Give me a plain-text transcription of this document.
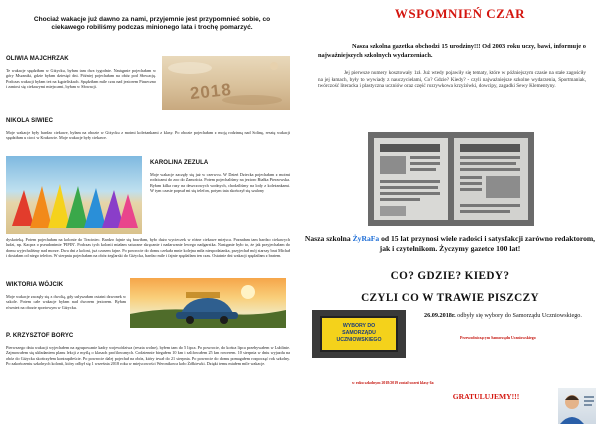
Chociaż wakacje już dawno za nami, przyjemnie jest przypomnieć sobie, co ciekawego robiliśmy podczas minionego lata i trochę pomarzyć.
OLIWIA MAJCHRZAK
Te wakacje spędziłam w Giżycku, byłam tam dwa tygodnie. Następnie pojechałam w góry Mszaniki, gdzie byłam dziesięć dni. Później pojechałam na obóz pod Słowację. Podczas wakacji byłam też na kąpieliskach. Spędziłam mile czas nad jeziorem Piaseczno i zaniosi się ciekawymi miejscami, byłam w Słowacji.	2018
NIKOLA SIWIEC
Moje wakacje były bardzo ciekawe, byłam na obozie w Giżycku z moimi koleżankami z klasy. Po obozie pojechałam z moją rodzinną nad Solinę, resztę wakacji spędziłam u cioci w Krakowie. Moje wakacje były ciekawe.
KAROLINA ZEZULA
Moje wakacje zaczęły się już w czerwcu. W Dzień Dziecka pojechałam z moimi rodzicami do zoo do Zamościa. Potem pojechaliśmy na jezioro Białka Pierzowska. Byłam kilka razy na deszczowych wodnych, chodziliśmy na lody z koleżankami. W tym czasie popsuł mi się telefon, potym tata skończył się szalony
dyskoteką. Potem pojechałam na kolonie do Trzciniec. Bardzo fajnie się bawiłam, było dużo wycieczek w różne ciekawe miejsca. Poznałam tam bardzo ciekawych ludzi, np. Kacpra o pseudonimie 'PIPIN'. Podczas tych kolonii miałam sztuczne skręcanie i nadarwanie lewego nadgarstka. Następnie było to, że jak przyjechałam do domu wyjechaliśmy nad morze. Dwa dni z koloni, już czasem fajne. Po powrocie do domu czekała mnie kolejna miła niespodzianka, przyjechał mój starszy brat Michał i dostałam od niego telefon. W sierpniu pojechałam na obóz żeglarski do Giżycka, bardzo mile i fajnie spędziłam ten czas. Ostatnie dni wakacji spędziłam z bratem.
WIKTORIA WÓJCIK
Moje wakacje zaczęły się z dwolią, gdy usłyszałam ostatni dzwonek w szkole. Potem całe wakacje byłam nad dworem jeziorem. Byłam również na obozie sportowym w Giżycku.
P. KRZYSZTOF BORYC
Pierwszego dnia wakacji wyjechałem na zgrupowanie kadry województwa (reszta wolne), byłem tam do 5 lipca. Po powrocie, do końca lipca przebywałem w Lublinie. Zajmowałem się układaniem planu lekcji z myślą o klasach profilowanych. Codziennie biegałem 10 km i szlifowałem 25 km rowerem. 10 sierpnia w dniu wyjazdu na obóz do Giżycka skończyłem kontrapiłeście. Po powrocie dalej pojechał na obóz, który trwał do 21 sierpnia. Po powrocie do domu pomagałem rozpocząć rok szkolny. Po zakończeniu szkolnych kolonii, który odbył się 1 września 2018 roku w miejscowości Weronikowa koło Żółkiewki. Dzięki temu miałem mile wakacje.
WSPOMNIEŃ CZAR
Nasza szkolna gazetka obchodzi 15 urodziny!!! Od 2003 roku uczy, bawi, informuje o najważniejszych szkolnych wydarzeniach.
Jej pierwsze numery kosztowały 1zł. Już wtedy pojawiły się tematy, które w późniejszym czasie na stałe zagościły na jej łamach, były to wywiady z nauczycielami, Co? Gdzie? Kiedy? - czyli najważniejsze szkolne wydarzenia, Sportmaniak, twórczość literacka i plastyczna uczniów oraz część rozrywkowa krzyżówki, dowcipy, zagadki Sewy Klementyny.
Nasza szkolna ŻyRaFa od 15 lat przynosi wiele radości i satysfakcji zarówno redaktorom, jak i czytelnikom. Życzymy gazetce 100 lat!
CO? GDZIE? KIEDY?
CZYLI CO W TRAWIE PISZCZY
WYBORY DO SAMORZĄDU UCZNIOWSKIEGO
26.09.2018r. odbyły się wybory do Samorządu Uczniowskiego.
Przewodniczącym Samorządu Uczniowskiego
w roku szkolnym 2018/2019 został uczeń klasy 6a
GRATULUJEMY!!!
